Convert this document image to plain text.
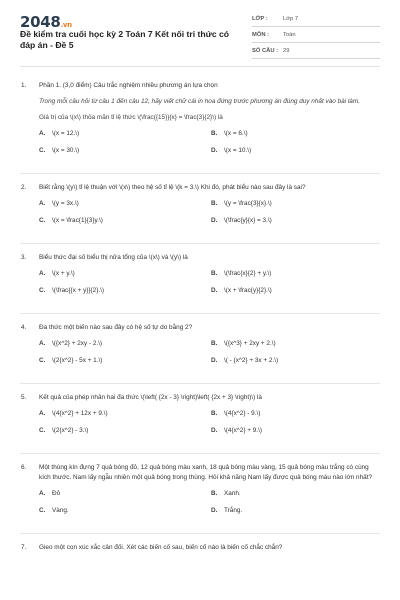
2048.vn
Đề kiểm tra cuối học kỳ 2 Toán 7 Kết nối tri thức có đáp án - Đề 5
LỚP :	Lớp 7
MÔN : Toán
SỐ CÂU : 29
1. Phần 1. (3,0 điểm) Câu trắc nghiệm nhiều phương án lựa chọn
Trong mỗi câu hỏi từ câu 1 đến câu 12, hãy viết chữ cái in hoa đứng trước phương án đúng duy nhất vào bài làm.
Giá trị của \(x\) thỏa mãn tỉ lệ thức \(\frac{{15}}{x} = \frac{3}{2}\) là
A. \(x = 12.\)	B. \(x = 6.\)
C. \(x = 30.\)	D. \(x = 10.\)
2. Biết rằng \(y\) tỉ lệ thuận với \(x\) theo hệ số tỉ lệ \(k = 3.\) Khi đó, phát biểu nào sau đây là sai?
A. \(y = 3x.\)	B. \(y = \frac{3}{x}.\)
C. \(x = \frac{1}{3}y.\)	D. \(\frac{y}{x} = 3.\)
3. Biểu thức đại số biểu thị nửa tổng của \(x\) và \(y\) là
A. \(x + y.\)	B. \(\frac{x}{2} + y.\)
C. \(\frac{{x + y}}{2}.\)	D. \(x + \frac{y}{2}.\)
4. Đa thức một biến nào sau đây có hệ số tự do bằng 2?
A. \({x^2} + 2xy - 2.\)	B. \({x^3} + 2xy + 2.\)
C. \(2{x^2} - 5x + 1.\)	D. \( - {x^2} + 3x + 2.\)
5. Kết quả của phép nhân hai đa thức \(\left( {2x - 3} \right)\left( {2x + 3} \right)\) là
A. \(4{x^2} + 12x + 9.\)	B. \(4{x^2} - 9.\)
C. \(2{x^2} - 3.\)	D. \(4{x^2} + 9.\)
6. Một thùng kín đựng 7 quả bóng đỏ, 12 quả bóng màu xanh, 18 quả bóng màu vàng, 15 quả bóng màu trắng có cùng kích thước. Nam lấy ngẫu nhiên một quả bóng trong thùng. Hỏi khả năng Nam lấy được quả bóng màu nào lớn nhất?
A. Đỏ	B. Xanh.
C. Vàng.	D. Trắng.
7. Gieo một con xúc xắc cân đối. Xét các biến cố sau, biến cố nào là biến cố chắc chắn?
